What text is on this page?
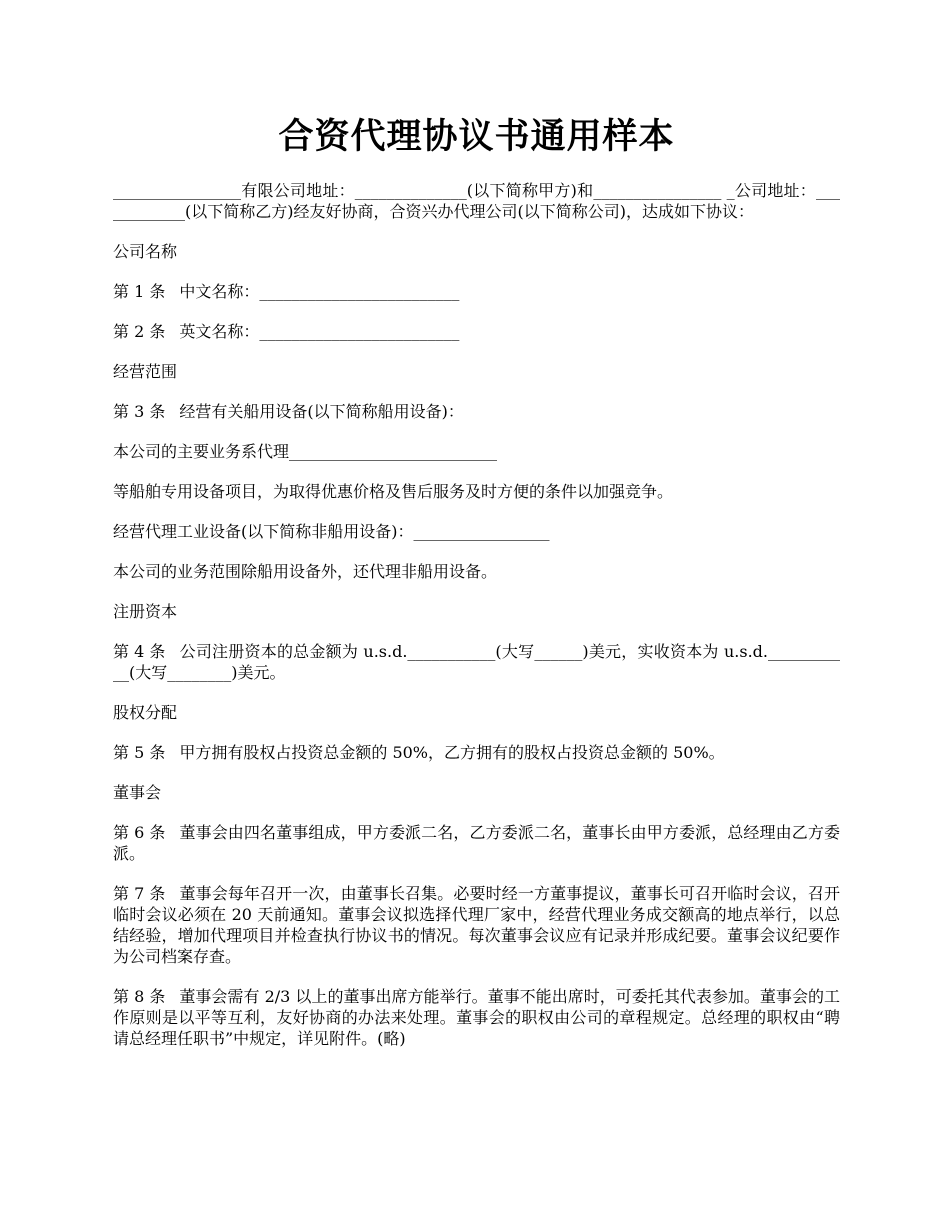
合资代理协议书通用样本

________________有限公司地址：______________(以下简称甲方)和________________ _公司地址：____________(以下简称乙方)经友好协商，合资兴办代理公司(以下简称公司)，达成如下协议：

公司名称

第 1 条 中文名称：_________________________

第 2 条 英文名称：_________________________

经营范围

第 3 条 经营有关船用设备(以下简称船用设备)：

本公司的主要业务系代理__________________________

等船舶专用设备项目，为取得优惠价格及售后服务及时方便的条件以加强竞争。

经营代理工业设备(以下简称非船用设备)：_________________

本公司的业务范围除船用设备外，还代理非船用设备。

注册资本

第 4 条 公司注册资本的总金额为 u.s.d.___________(大写______)美元，实收资本为 u.s.d.___________(大写________)美元。

股权分配

第 5 条 甲方拥有股权占投资总金额的 50%，乙方拥有的股权占投资总金额的 50%。

董事会

第 6 条 董事会由四名董事组成，甲方委派二名，乙方委派二名，董事长由甲方委派，总经理由乙方委派。

第 7 条 董事会每年召开一次，由董事长召集。必要时经一方董事提议，董事长可召开临时会议，召开临时会议必须在 20 天前通知。董事会议拟选择代理厂家中，经营代理业务成交额高的地点举行，以总结经验，增加代理项目并检查执行协议书的情况。每次董事会议应有记录并形成纪要。董事会议纪要作为公司档案存查。

第 8 条 董事会需有 2/3 以上的董事出席方能举行。董事不能出席时，可委托其代表参加。董事会的工作原则是以平等互利，友好协商的办法来处理。董事会的职权由公司的章程规定。总经理的职权由“聘请总经理任职书”中规定，详见附件。(略)
